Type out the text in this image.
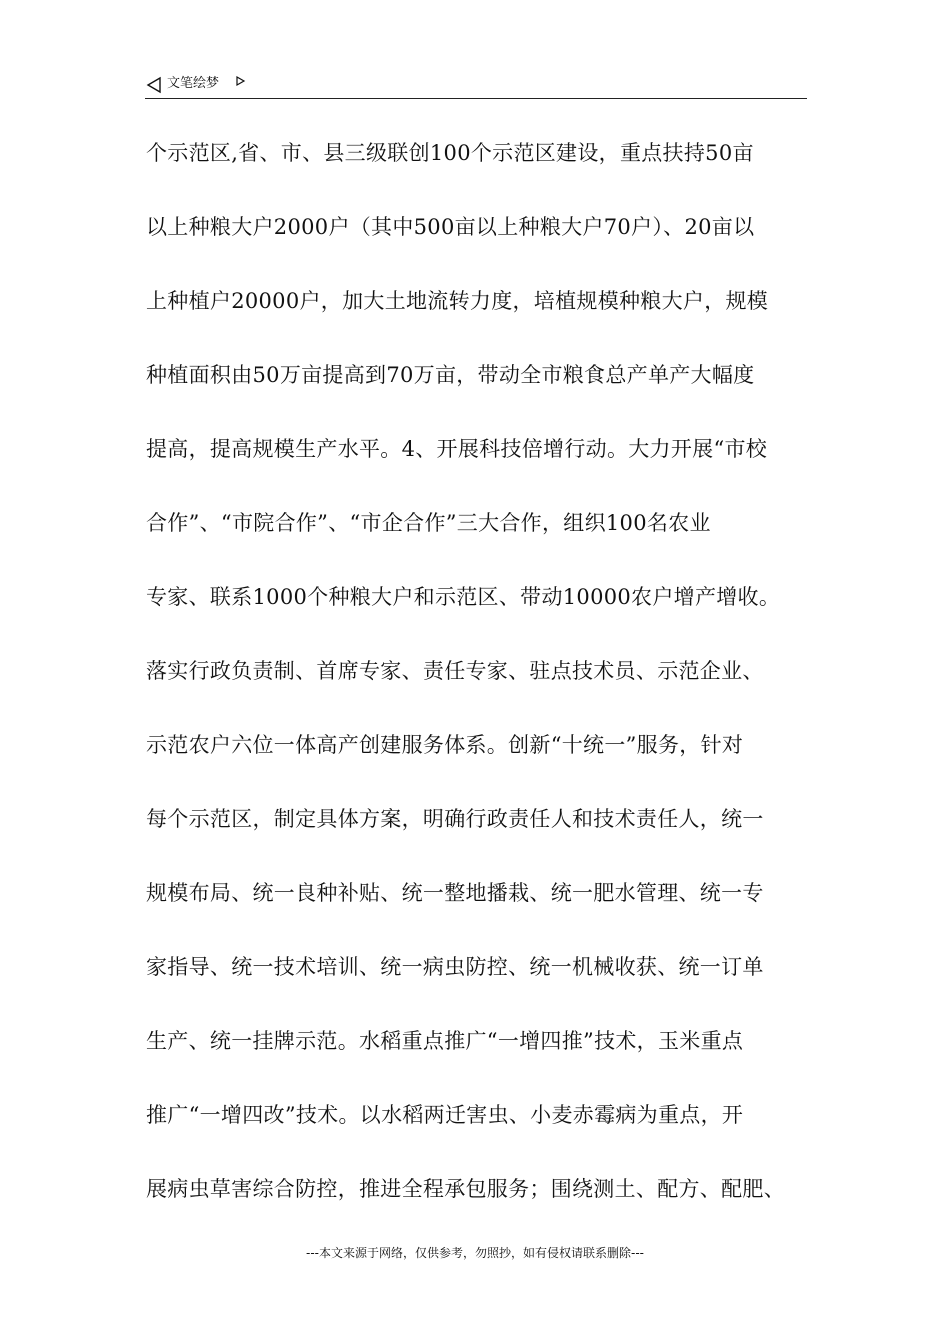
文笔绘梦
个示范区,省、市、县三级联创100个示范区建设，重点扶持50亩
以上种粮大户2000户（其中500亩以上种粮大户70户）、20亩以
上种植户20000户，加大土地流转力度，培植规模种粮大户，规模
种植面积由50万亩提高到70万亩，带动全市粮食总产单产大幅度
提高，提高规模生产水平。4、开展科技倍增行动。大力开展“市校
合作”、“市院合作”、“市企合作”三大合作，组织100名农业
专家、联系1000个种粮大户和示范区、带动10000农户增产增收。
落实行政负责制、首席专家、责任专家、驻点技术员、示范企业、
示范农户六位一体高产创建服务体系。创新“十统一”服务，针对
每个示范区，制定具体方案，明确行政责任人和技术责任人，统一
规模布局、统一良种补贴、统一整地播栽、统一肥水管理、统一专
家指导、统一技术培训、统一病虫防控、统一机械收获、统一订单
生产、统一挂牌示范。水稻重点推广“一增四推”技术，玉米重点
推广“一增四改”技术。以水稻两迁害虫、小麦赤霉病为重点，开
展病虫草害综合防控，推进全程承包服务；围绕测土、配方、配肥、
---本文来源于网络，仅供参考，勿照抄，如有侵权请联系删除---
